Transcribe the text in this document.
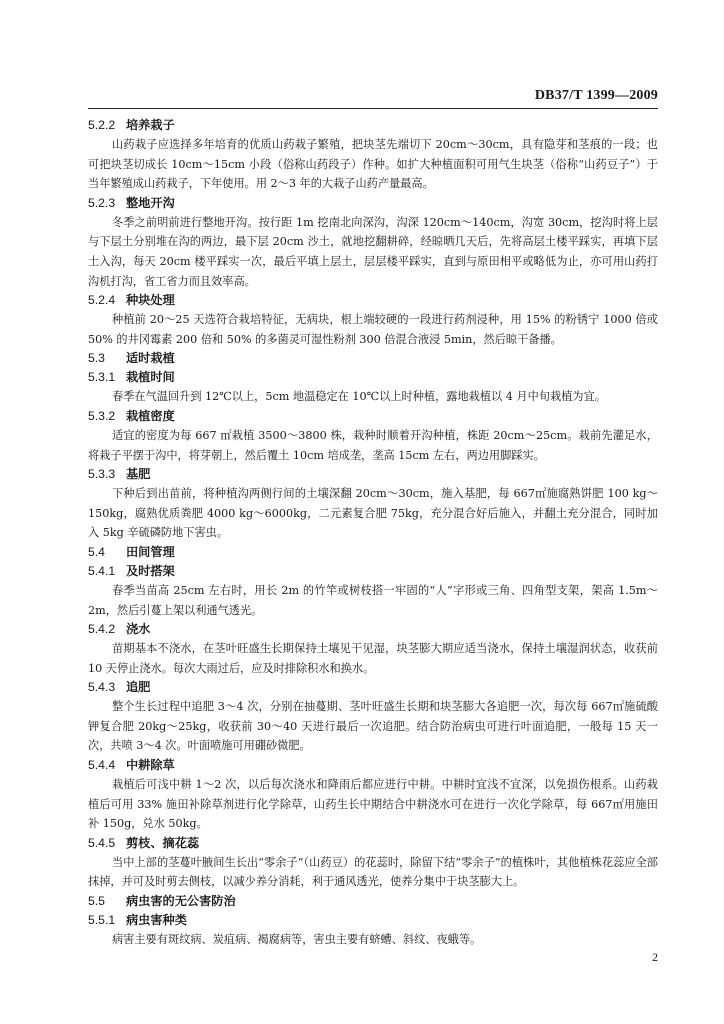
DB37/T 1399—2009
5.2.2 培养栽子

山药栽子应选择多年培育的优质山药栽子繁殖，把块茎先端切下 20cm～30cm，具有隐芽和茎痕的一段；也可把块茎切成长 10cm～15cm 小段（俗称山药段子）作种。如扩大种植面积可用气生块茎（俗称“山药豆子”）于当年繁殖成山药栽子，下年使用。用 2～3 年的大栽子山药产量最高。

5.2.3 整地开沟

冬季之前明前进行整地开沟。按行距 1m 挖南北向深沟，沟深 120cm～140cm，沟宽 30cm，挖沟时将上层与下层土分别堆在沟的两边，最下层 20cm 沙土，就地挖翻耕碎，经晾晒几天后，先将高层土楼平踩实，再填下层土入沟，每天 20cm 楼平踩实一次，最后平填上层土，层层楼平踩实，直到与原田相平或略低为止，亦可用山药打沟机打沟，省工省力而且效率高。

5.2.4 种块处理

种植前 20～25 天选符合栽培特征，无病块，根上端较硬的一段进行药剂浸种，用 15% 的粉锈宁 1000 倍或 50% 的井冈霉素 200 倍和 50% 的多菌灵可湿性粉剂 300 倍混合液浸 5min，然后晾干备播。

5.3 适时栽植
5.3.1 栽植时间

春季在气温回升到 12℃以上，5cm 地温稳定在 10℃以上时种植，露地栽植以 4 月中旬栽植为宜。

5.3.2 栽植密度

适宜的密度为每 667 ㎡栽植 3500～3800 株，栽种时顺着开沟种植，株距 20cm～25cm。栽前先灌足水，将栽子平摆于沟中，将芽朝上，然后覆土 10cm 培成垄，垄高 15cm 左右，两边用脚踩实。

5.3.3 基肥

下种后到出苗前，将种植沟两侧行间的土壤深翻 20cm～30cm，施入基肥，每 667㎡施腐熟饼肥 100 kg～150kg，腐熟优质粪肥 4000 kg～6000kg，二元素复合肥 75kg，充分混合好后施入，并翻土充分混合，同时加入 5kg 辛硫磷防地下害虫。

5.4 田间管理
5.4.1 及时搭架

春季当苗高 25cm 左右时，用长 2m 的竹竿或树枝搭一牢固的“人”字形或三角、四角型支架，架高 1.5m～2m，然后引蔓上架以利通气透光。

5.4.2 浇水

苗期基本不浇水，在茎叶旺盛生长期保持土壤见干见湿，块茎膨大期应适当浇水，保持土壤湿润状态，收获前 10 天停止浇水。每次大雨过后，应及时排除积水和换水。

5.4.3 追肥

整个生长过程中追肥 3～4 次，分别在抽蔓期、茎叶旺盛生长期和块茎膨大各追肥一次，每次每 667㎡施硫酸钾复合肥 20kg～25kg，收获前 30～40 天进行最后一次追肥。结合防治病虫可进行叶面追肥，一般每 15 天一次，共喷 3～4 次。叶面喷施可用硼砂微肥。

5.4.4 中耕除草

栽植后可浅中耕 1～2 次，以后每次浇水和降雨后都应进行中耕。中耕时宜浅不宜深，以免损伤根系。山药栽植后可用 33% 施田补除草剂进行化学除草，山药生长中期结合中耕浇水可在进行一次化学除草，每 667㎡用施田补 150g，兑水 50kg。

5.4.5 剪枝、摘花蕊

当中上部的茎蔓叶腋间生长出“零余子”（山药豆）的花蕊时，除留下结“零余子”的植株叶，其他植株花蕊应全部抹掉，并可及时剪去侧枝，以减少养分消耗，利于通风透光，使养分集中于块茎膨大上。

5.5 病虫害的无公害防治
5.5.1 病虫害种类

病害主要有斑纹病、炭疽病、褐腐病等，害虫主要有蛴螬、斜纹、夜蛾等。

2
